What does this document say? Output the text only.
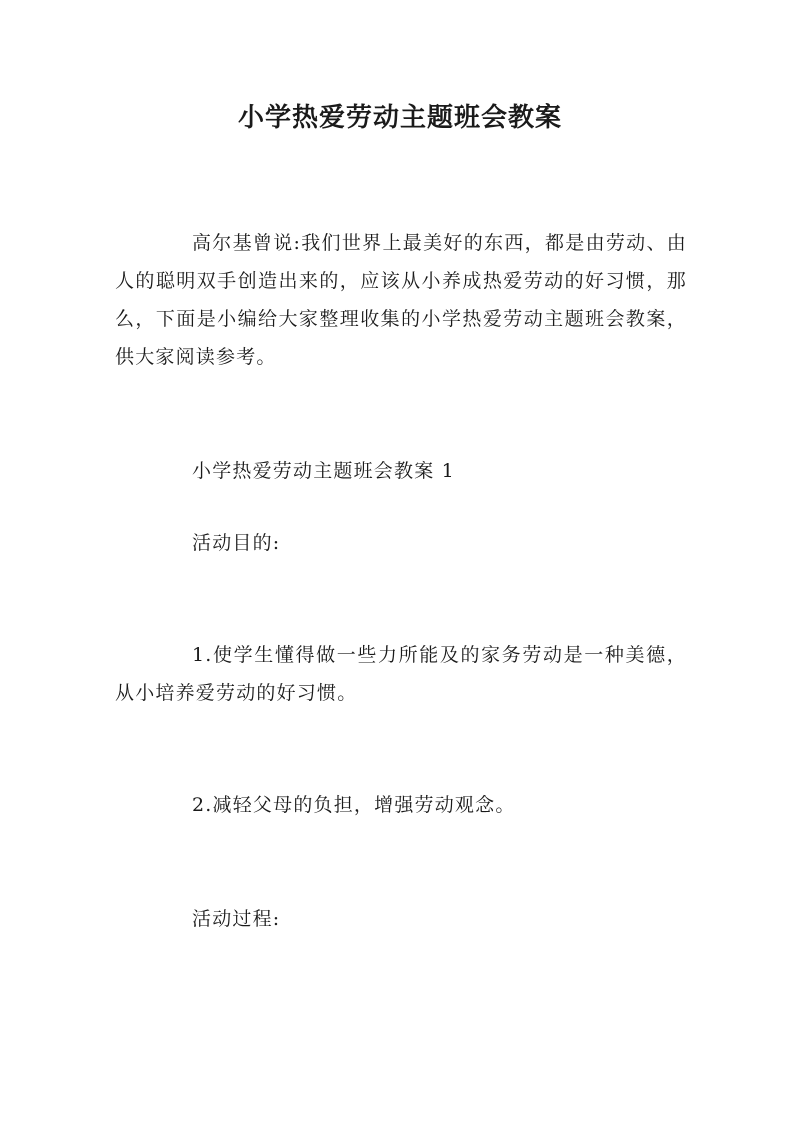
小学热爱劳动主题班会教案

高尔基曾说:我们世界上最美好的东西，都是由劳动、由人的聪明双手创造出来的，应该从小养成热爱劳动的好习惯，那么，下面是小编给大家整理收集的小学热爱劳动主题班会教案，供大家阅读参考。

小学热爱劳动主题班会教案 1

活动目的:

1.使学生懂得做一些力所能及的家务劳动是一种美德，从小培养爱劳动的好习惯。

2.减轻父母的负担，增强劳动观念。

活动过程:
